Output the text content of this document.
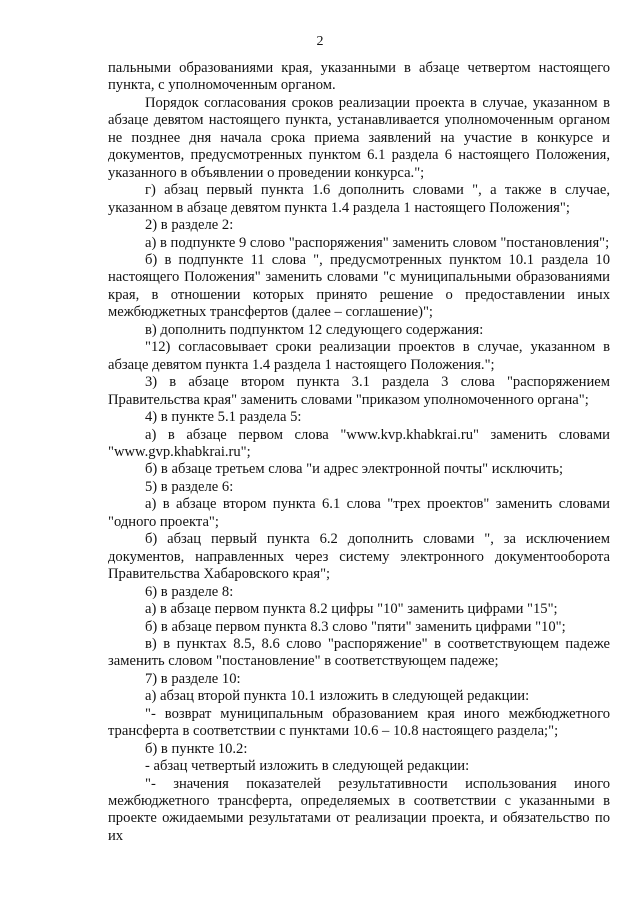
2

пальными образованиями края, указанными в абзаце четвертом настоящего пункта, с уполномоченным органом.

Порядок согласования сроков реализации проекта в случае, указанном в абзаце девятом настоящего пункта, устанавливается уполномоченным органом не позднее дня начала срока приема заявлений на участие в конкурсе и документов, предусмотренных пунктом 6.1 раздела 6 настоящего Положения, указанного в объявлении о проведении конкурса.";

г) абзац первый пункта 1.6 дополнить словами ", а также в случае, указанном в абзаце девятом пункта 1.4 раздела 1 настоящего Положения";

2) в разделе 2:

а) в подпункте 9 слово "распоряжения" заменить словом "постановления";

б) в подпункте 11 слова ", предусмотренных пунктом 10.1 раздела 10 настоящего Положения" заменить словами "с муниципальными образованиями края, в отношении которых принято решение о предоставлении иных межбюджетных трансфертов (далее – соглашение)";

в) дополнить подпунктом 12 следующего содержания:

"12) согласовывает сроки реализации проектов в случае, указанном в абзаце девятом пункта 1.4 раздела 1 настоящего Положения.";

3) в абзаце втором пункта 3.1 раздела 3 слова "распоряжением Правительства края" заменить словами "приказом уполномоченного органа";

4) в пункте 5.1 раздела 5:

а) в абзаце первом слова "www.kvp.khabkrai.ru" заменить словами "www.gvp.khabkrai.ru";

б) в абзаце третьем слова "и адрес электронной почты" исключить;

5) в разделе 6:

а) в абзаце втором пункта 6.1 слова "трех проектов" заменить словами "одного проекта";

б) абзац первый пункта 6.2 дополнить словами ", за исключением документов, направленных через систему электронного документооборота Правительства Хабаровского края";

6) в разделе 8:

а) в абзаце первом пункта 8.2 цифры "10" заменить цифрами "15";

б) в абзаце первом пункта 8.3 слово "пяти" заменить цифрами "10";

в) в пунктах 8.5, 8.6 слово "распоряжение" в соответствующем падеже заменить словом "постановление" в соответствующем падеже;

7) в разделе 10:

а) абзац второй пункта 10.1 изложить в следующей редакции:

"- возврат муниципальным образованием края иного межбюджетного трансферта в соответствии с пунктами 10.6 – 10.8 настоящего раздела;";

б) в пункте 10.2:

- абзац четвертый изложить в следующей редакции:

"- значения показателей результативности использования иного межбюджетного трансферта, определяемых в соответствии с указанными в проекте ожидаемыми результатами от реализации проекта, и обязательство по их
